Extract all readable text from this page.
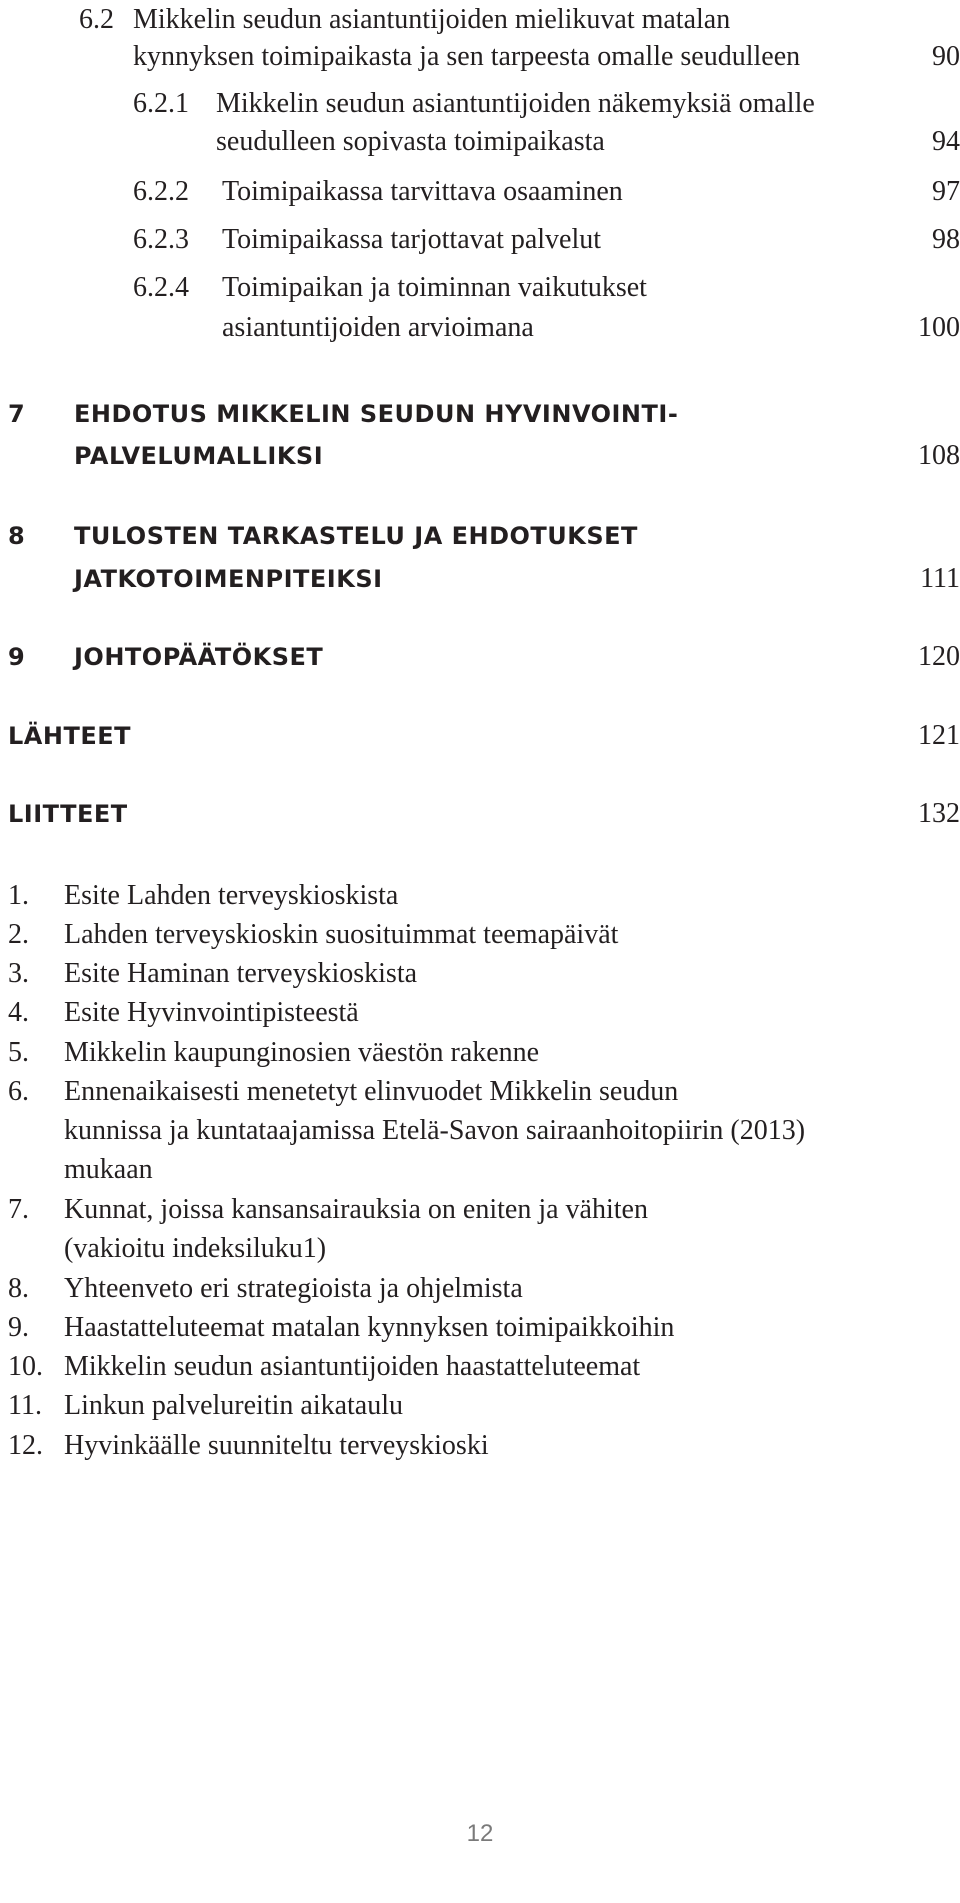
6.2 Mikkelin seudun asiantuntijoiden mielikuvat matalan
kynnyksen toimipaikasta ja sen tarpeesta omalle seudulleen	90
6.2.1 Mikkelin seudun asiantuntijoiden näkemyksiä omalle
seudulleen sopivasta toimipaikasta	94
6.2.2 Toimipaikassa tarvittava osaaminen	97
6.2.3 Toimipaikassa tarjottavat palvelut	98
6.2.4 Toimipaikan ja toiminnan vaikutukset
asiantuntijoiden arvioimana	100
7 EHDOTUS MIKKELIN SEUDUN HYVINVOINTI-
PALVELUMALLIKSI	108
8 TULOSTEN TARKASTELU JA EHDOTUKSET
JATKOTOIMENPITEIKSI	111
9 JOHTOPÄÄTÖKSET	120
LÄHTEET	121
LIITTEET	132
1. Esite Lahden terveyskioskista
2. Lahden terveyskioskin suosituimmat teemapäivät
3. Esite Haminan terveyskioskista
4. Esite Hyvinvointipisteestä
5. Mikkelin kaupunginosien väestön rakenne
6. Ennenaikaisesti menetetyt elinvuodet Mikkelin seudun
kunnissa ja kuntataajamissa Etelä-Savon sairaanhoitopiirin (2013)
mukaan
7. Kunnat, joissa kansansairauksia on eniten ja vähiten
(vakioitu indeksiluku1)
8. Yhteenveto eri strategioista ja ohjelmista
9. Haastatteluteemat matalan kynnyksen toimipaikkoihin
10. Mikkelin seudun asiantuntijoiden haastatteluteemat
11. Linkun palvelureitin aikataulu
12. Hyvinkäälle suunniteltu terveyskioski
12
